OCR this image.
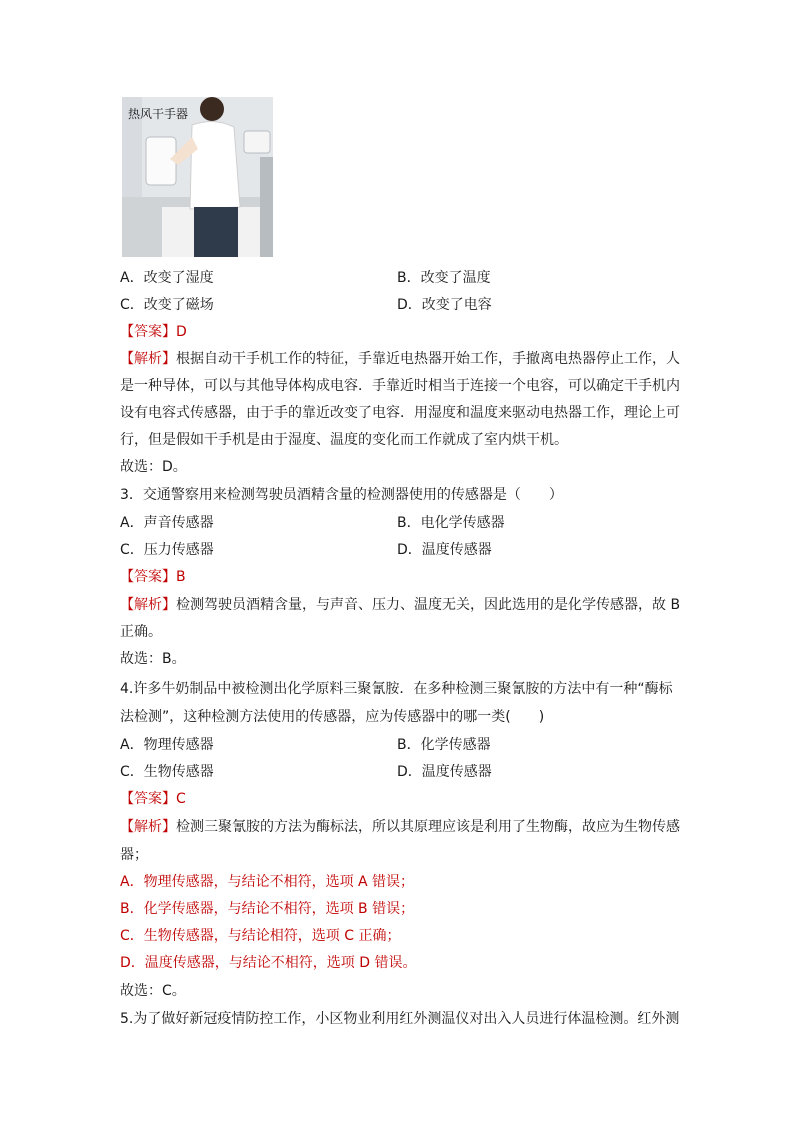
热风干手器
A．改变了湿度	B．改变了温度
C．改变了磁场	D．改变了电容
【答案】D
【解析】根据自动干手机工作的特征，手靠近电热器开始工作，手撤离电热器停止工作，人
是一种导体，可以与其他导体构成电容．手靠近时相当于连接一个电容，可以确定干手机内
设有电容式传感器，由于手的靠近改变了电容．用湿度和温度来驱动电热器工作，理论上可
行，但是假如干手机是由于湿度、温度的变化而工作就成了室内烘干机。
故选：D。
3．交通警察用来检测驾驶员酒精含量的检测器使用的传感器是（　　）
A．声音传感器	B．电化学传感器
C．压力传感器	D．温度传感器
【答案】B
【解析】检测驾驶员酒精含量，与声音、压力、温度无关，因此选用的是化学传感器，故 B
正确。
故选：B。
4.许多牛奶制品中被检测出化学原料三聚氰胺．在多种检测三聚氰胺的方法中有一种“酶标
法检测”，这种检测方法使用的传感器，应为传感器中的哪一类(　　)
A．物理传感器	B．化学传感器
C．生物传感器	D．温度传感器
【答案】C
【解析】检测三聚氰胺的方法为酶标法，所以其原理应该是利用了生物酶，故应为生物传感
器；
A．物理传感器，与结论不相符，选项 A 错误；
B．化学传感器，与结论不相符，选项 B 错误；
C．生物传感器，与结论相符，选项 C 正确；
D．温度传感器，与结论不相符，选项 D 错误。
故选：C。
5.为了做好新冠疫情防控工作，小区物业利用红外测温仪对出入人员进行体温检测。红外测
